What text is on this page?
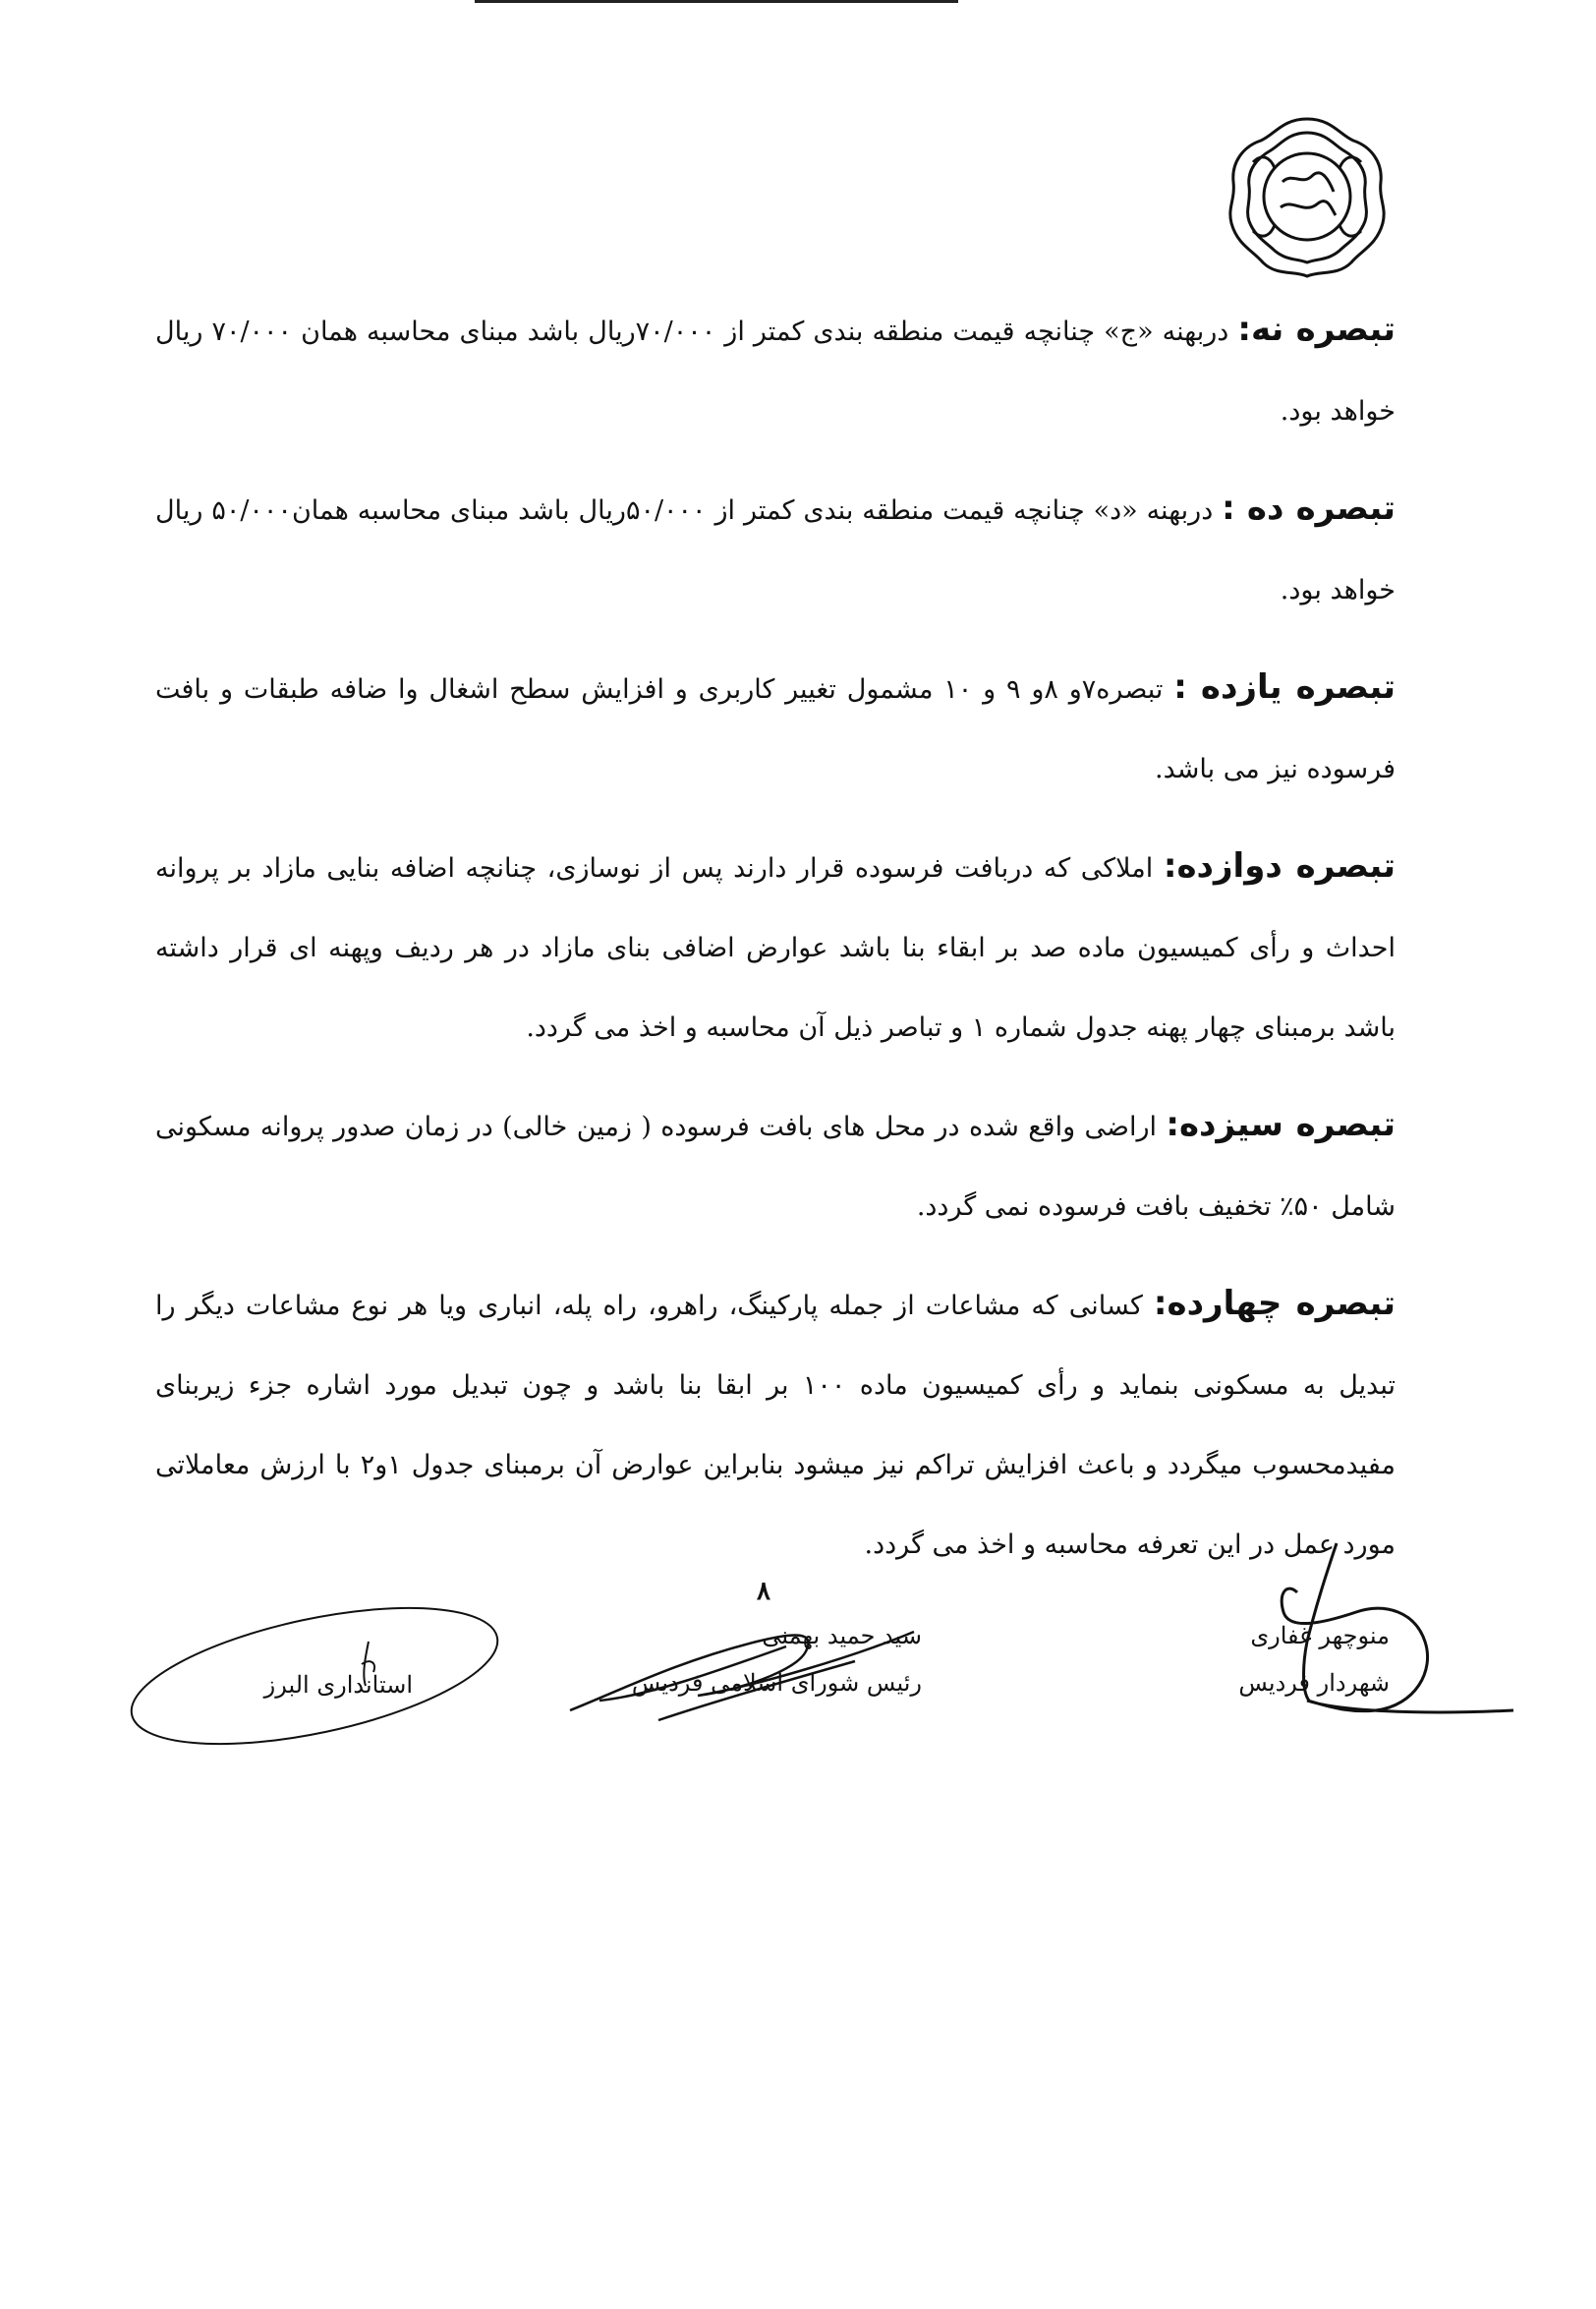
تبصره نه: دربهنه «ج» چنانچه قیمت منطقه بندی کمتر از ۷۰/۰۰۰ریال باشد مبنای محاسبه همان ۷۰/۰۰۰ ریال خواهد بود.

تبصره ده : دربهنه «د» چنانچه قیمت منطقه بندی کمتر از ۵۰/۰۰۰ریال باشد مبنای محاسبه همان۵۰/۰۰۰ ریال خواهد بود.

تبصره یازده : تبصره۷و ۸و ۹ و ۱۰ مشمول تغییر کاربری و افزایش سطح اشغال وا ضافه طبقات و بافت فرسوده نیز می باشد.

تبصره دوازده: املاکی که دربافت فرسوده قرار دارند پس از نوسازی، چنانچه اضافه بنایی مازاد بر پروانه احداث و رأی کمیسیون ماده صد بر ابقاء بنا باشد عوارض اضافی بنای مازاد در هر ردیف وپهنه ای قرار داشته باشد برمبنای چهار پهنه جدول شماره ۱ و تباصر ذیل آن محاسبه و اخذ می گردد.

تبصره سیزده: اراضی واقع شده در محل های بافت فرسوده ( زمین خالی) در زمان صدور پروانه مسکونی شامل ۵۰٪ تخفیف بافت فرسوده نمی گردد.

تبصره چهارده: کسانی که مشاعات از جمله پارکینگ، راهرو، راه پله، انباری ویا هر نوع مشاعات دیگر را تبدیل به مسکونی بنماید و رأی کمیسیون ماده ۱۰۰ بر ابقا بنا باشد و چون تبدیل مورد اشاره جزء زیربنای مفیدمحسوب میگردد و باعث افزایش تراکم نیز میشود بنابراین عوارض آن برمبنای جدول ۱و۲ با ارزش معاملاتی مورد عمل در این تعرفه محاسبه و اخذ می گردد.

۸
منوچهر غفاری
شهردار فردیس
سید حمید بهمنی
رئیس شورای اسلامی فردیس
استانداری البرز
